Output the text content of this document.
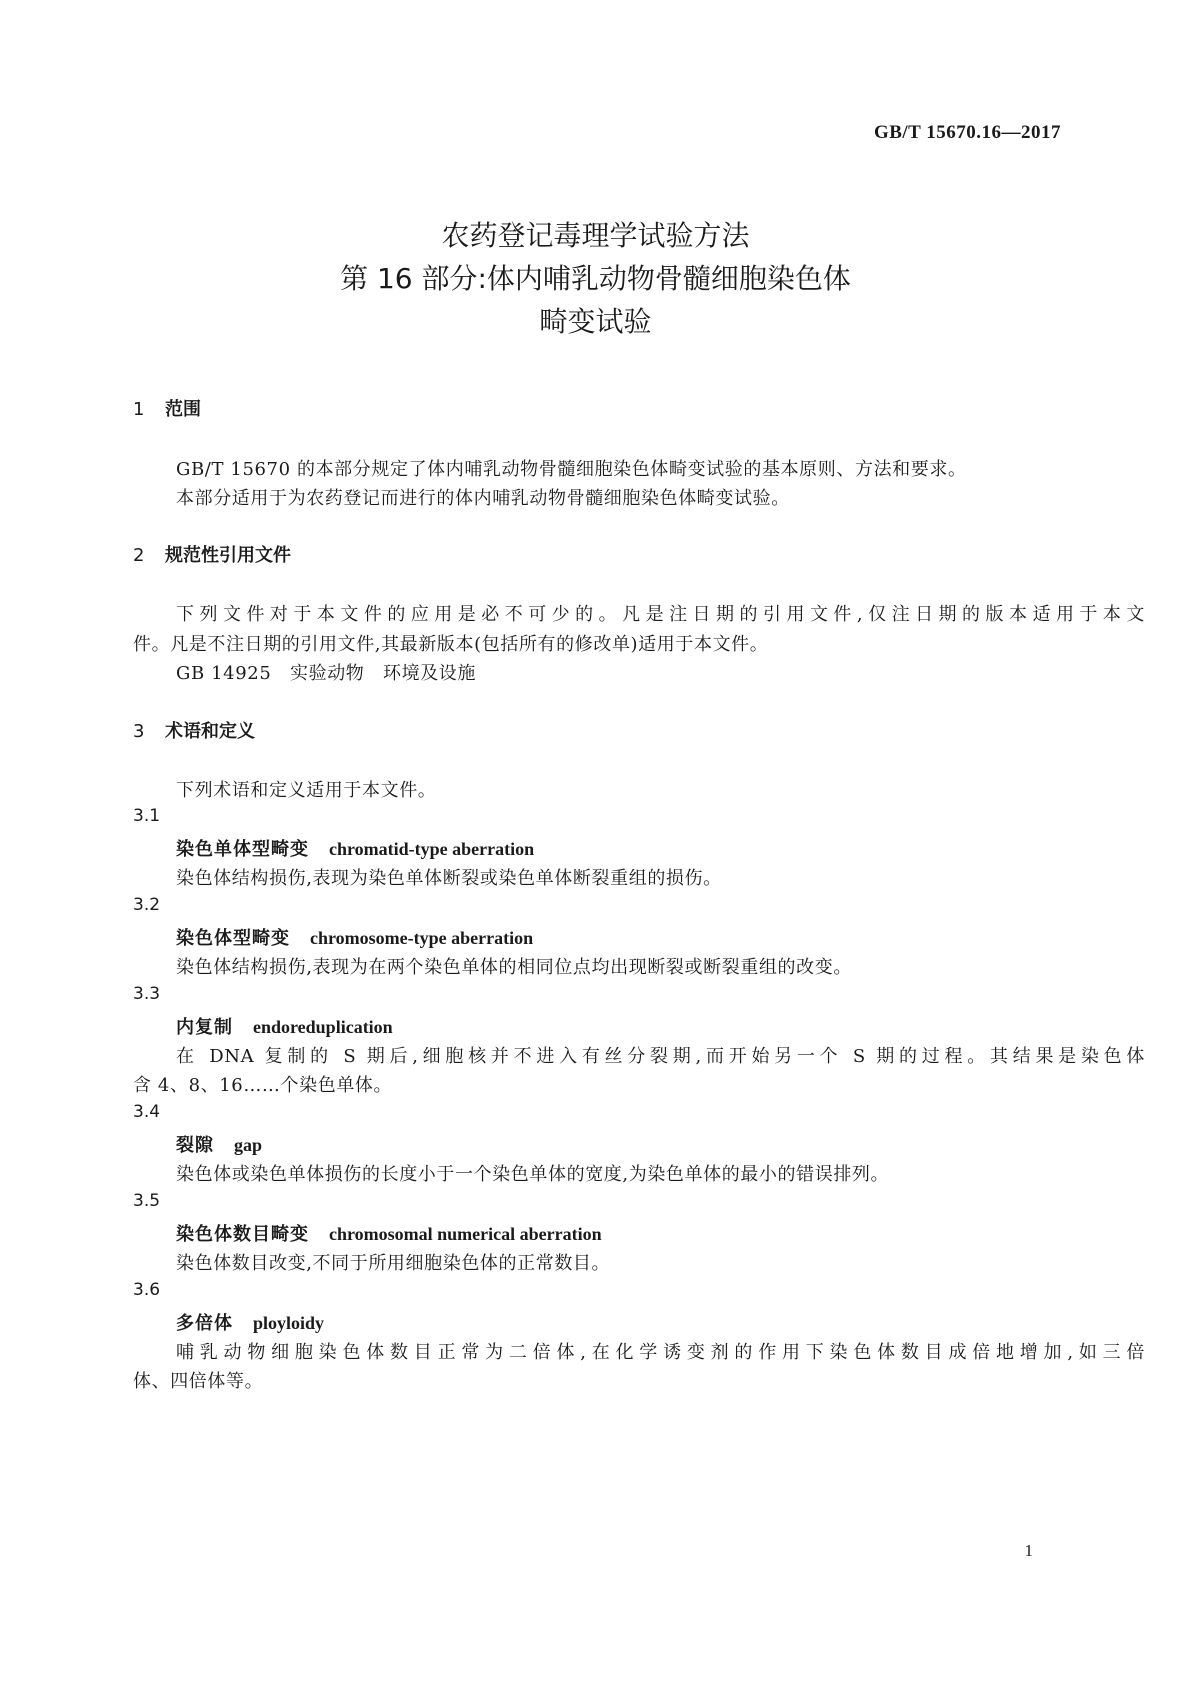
GB/T 15670.16—2017
农药登记毒理学试验方法
第 16 部分:体内哺乳动物骨髓细胞染色体
畸变试验
1 范围
GB/T 15670 的本部分规定了体内哺乳动物骨髓细胞染色体畸变试验的基本原则、方法和要求。
本部分适用于为农药登记而进行的体内哺乳动物骨髓细胞染色体畸变试验。
2 规范性引用文件
下列文件对于本文件的应用是必不可少的。凡是注日期的引用文件,仅注日期的版本适用于本文
件。凡是不注日期的引用文件,其最新版本(包括所有的修改单)适用于本文件。
GB 14925　实验动物　环境及设施
3 术语和定义
下列术语和定义适用于本文件。
3.1
染色单体型畸变 chromatid-type aberration
染色体结构损伤,表现为染色单体断裂或染色单体断裂重组的损伤。
3.2
染色体型畸变 chromosome-type aberration
染色体结构损伤,表现为在两个染色单体的相同位点均出现断裂或断裂重组的改变。
3.3
内复制 endoreduplication
在 DNA 复制的 S 期后,细胞核并不进入有丝分裂期,而开始另一个 S 期的过程。其结果是染色体
含 4、8、16……个染色单体。
3.4
裂隙 gap
染色体或染色单体损伤的长度小于一个染色单体的宽度,为染色单体的最小的错误排列。
3.5
染色体数目畸变 chromosomal numerical aberration
染色体数目改变,不同于所用细胞染色体的正常数目。
3.6
多倍体 ployloidy
哺乳动物细胞染色体数目正常为二倍体,在化学诱变剂的作用下染色体数目成倍地增加,如三倍
体、四倍体等。
1
